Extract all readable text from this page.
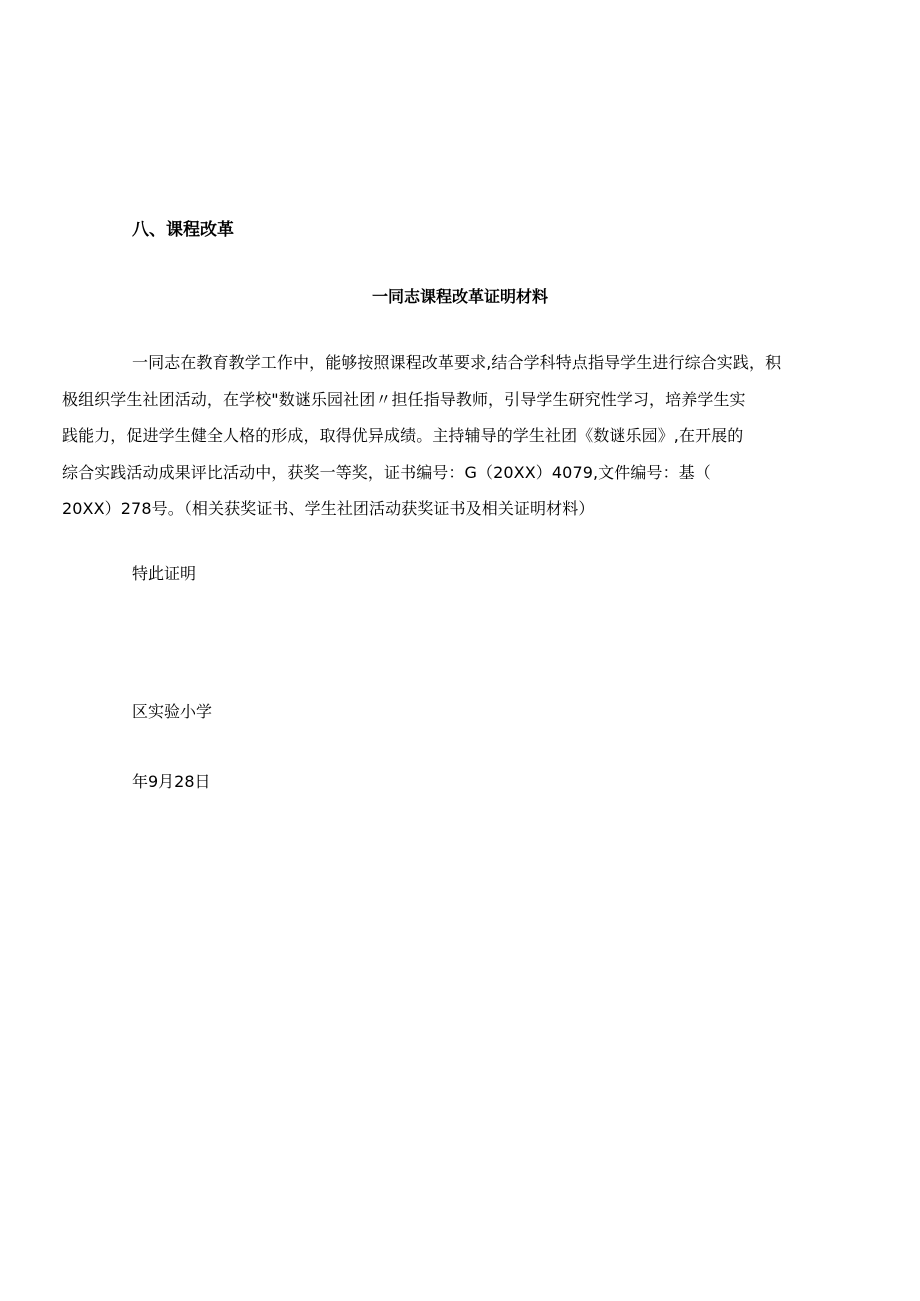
八、课程改革
一同志课程改革证明材料

一同志在教育教学工作中，能够按照课程改革要求,结合学科特点指导学生进行综合实践，积
极组织学生社团活动，在学校"数谜乐园社团〃担任指导教师，引导学生研究性学习，培养学生实
践能力，促进学生健全人格的形成，取得优异成绩。主持辅导的学生社团《数谜乐园》,在开展的
综合实践活动成果评比活动中，获奖一等奖，证书编号：G（20XX）4079,文件编号：基（
20XX）278号。（相关获奖证书、学生社团活动获奖证书及相关证明材料）

特此证明

区实验小学

年9月28日
